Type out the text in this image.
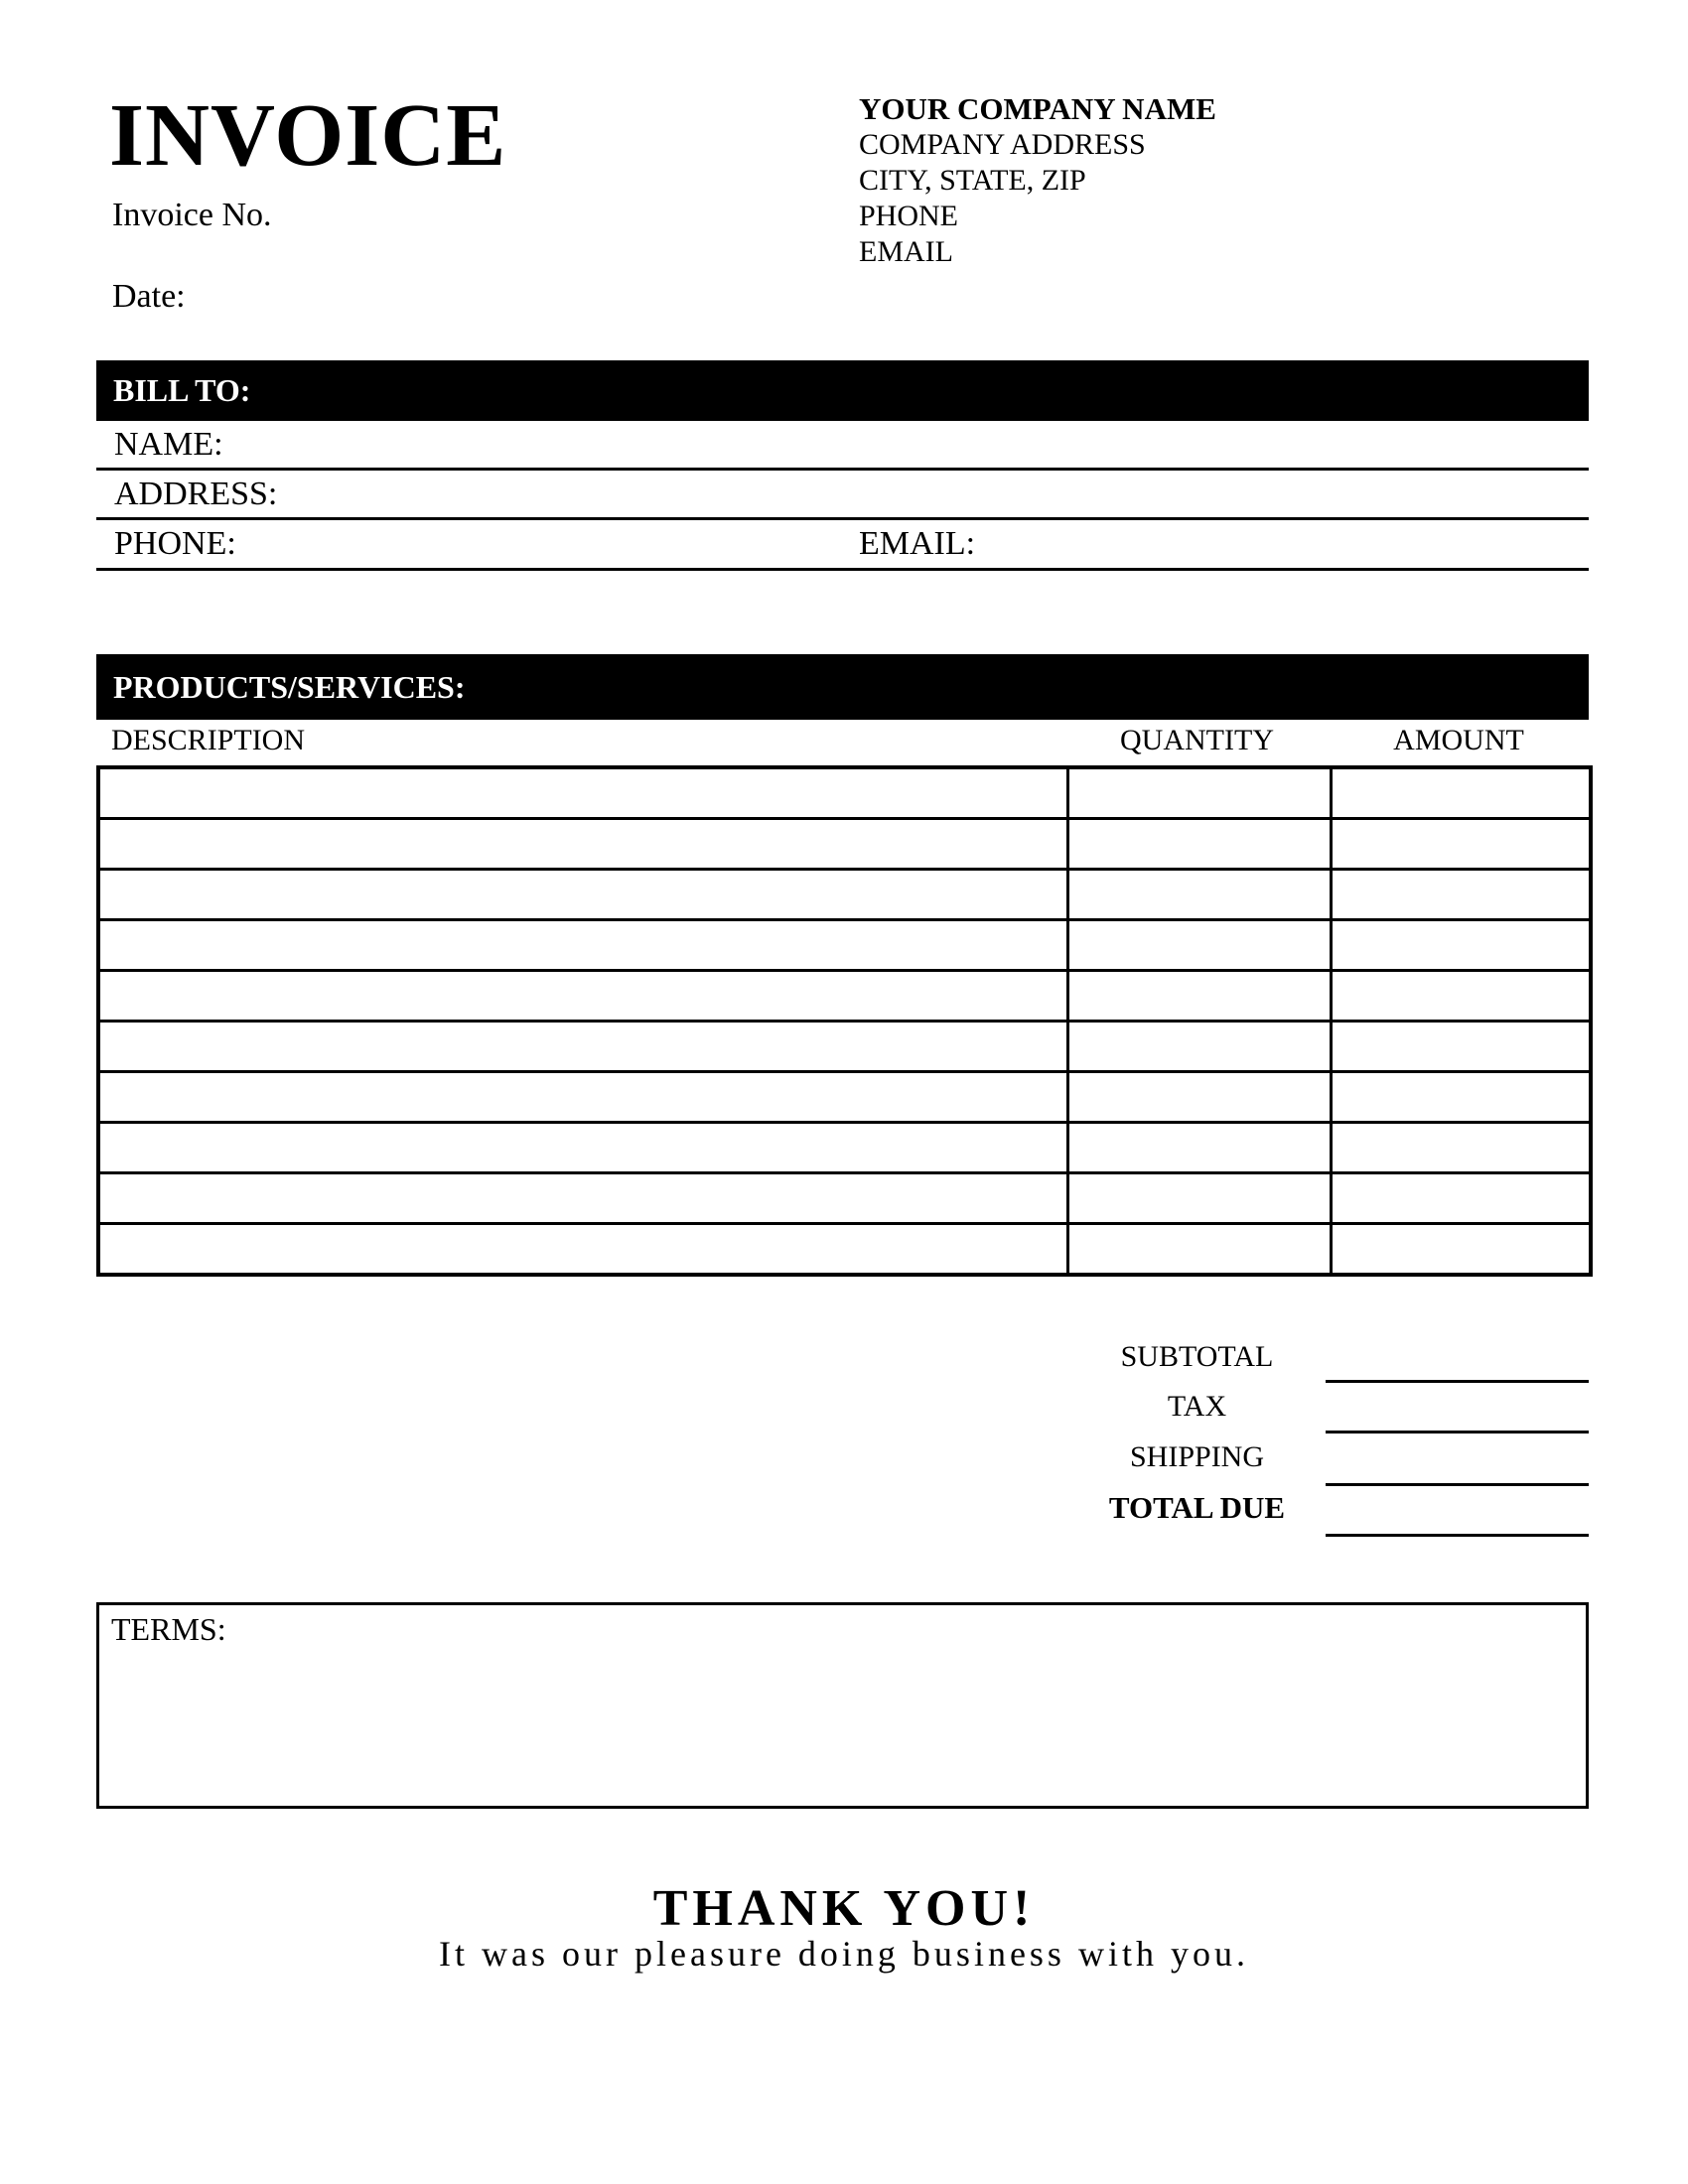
INVOICE
Invoice No.
Date:
YOUR COMPANY NAME
COMPANY ADDRESS
CITY, STATE, ZIP
PHONE
EMAIL
BILL TO:
NAME:
ADDRESS:
PHONE:	EMAIL:
PRODUCTS/SERVICES:
DESCRIPTION	QUANTITY	AMOUNT

SUBTOTAL
TAX
SHIPPING
TOTAL DUE
TERMS:
THANK YOU!
It was our pleasure doing business with you.
